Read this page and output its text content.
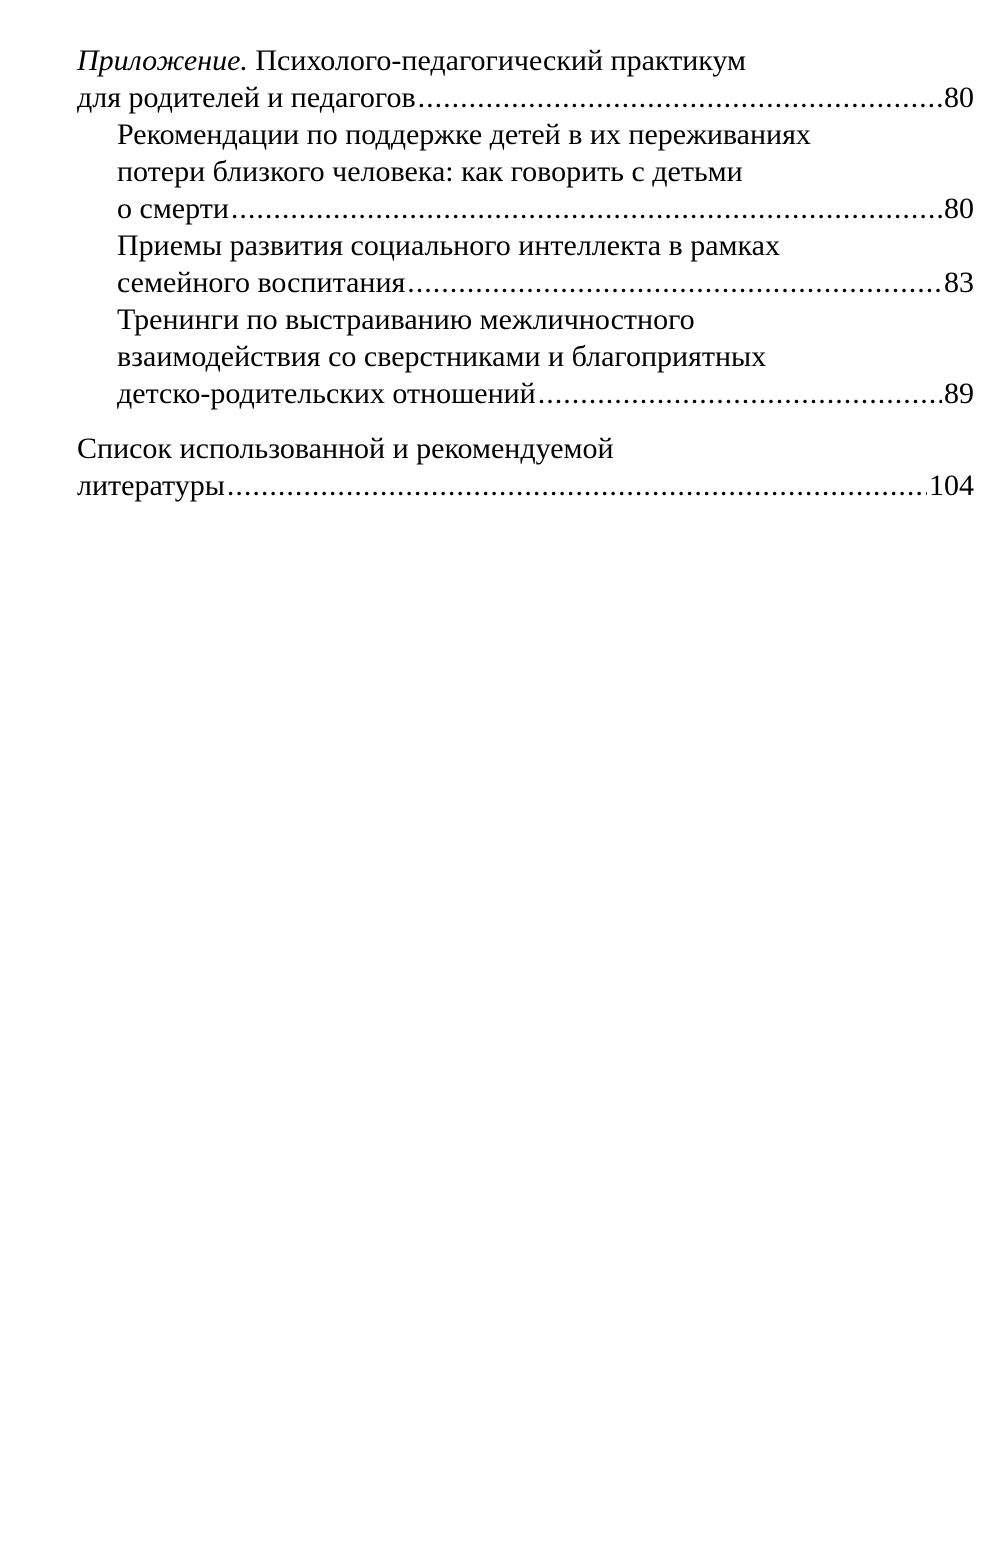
Приложение. Психолого-педагогический практикум
для родителей и педагогов .....	80
Рекомендации по поддержке детей в их переживаниях
потери близкого человека: как говорить с детьми
о смерти .....	80
Приемы развития социального интеллекта в рамках
семейного воспитания .....	83
Тренинги по выстраиванию межличностного
взаимодействия со сверстниками и благоприятных
детско-родительских отношений .....	89
Список использованной и рекомендуемой
литературы .....	104
